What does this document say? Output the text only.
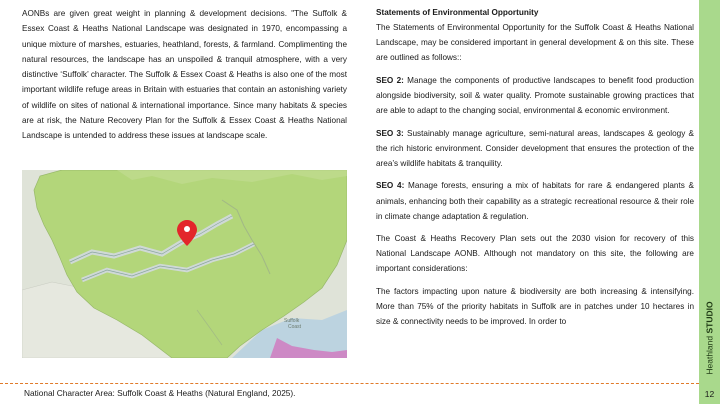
AONBs are given great weight in planning & development decisions. "The Suffolk & Essex Coast & Heaths National Landscape was designated in 1970, encompassing a unique mixture of marshes, estuaries, heathland, forests, & farmland. Complimenting the natural resources, the landscape has an unspoiled & tranquil atmosphere, with a very distinctive ‘Suffolk’ character. The Suffolk & Essex Coast & Heaths is also one of the most important wildlife refuge areas in Britain with estuaries that contain an astonishing variety of wildlife on sites of national & international importance. Since many habitats & species are at risk, the Nature Recovery Plan for the Suffolk & Essex Coast & Heaths National Landscape is untended to address these issues at landscape scale.
Suffolk
Coast
Statements of Environmental Opportunity

The Statements of Environmental Opportunity for the Suffolk Coast & Heaths National Landscape, may be considered important in general development & on this site. These are outlined as follows::

SEO 2: Manage the components of productive landscapes to benefit food production alongside biodiversity, soil & water quality. Promote sustainable growing practices that are able to adapt to the changing social, environmental & economic environment.

SEO 3: Sustainably manage agriculture, semi-natural areas, landscapes & geology & the rich historic environment. Consider development that ensures the protection of the area’s wildlife habitats & tranquility.

SEO 4: Manage forests, ensuring a mix of habitats for rare & endangered plants & animals, enhancing both their capability as a strategic recreational resource & their role in climate change adaptation & regulation.

The Coast & Heaths Recovery Plan sets out the 2030 vision for recovery of this National Landscape AONB. Although not mandatory on this site, the following are important considerations:

The factors impacting upon nature & biodiversity are both increasing & intensifying. More than 75% of the priority habitats in Suffolk are in patches under 10 hectares in size & connectivity needs to be improved. In order to

Heathland STUDIO
National Character Area: Suffolk Coast & Heaths (Natural England, 2025).	12
